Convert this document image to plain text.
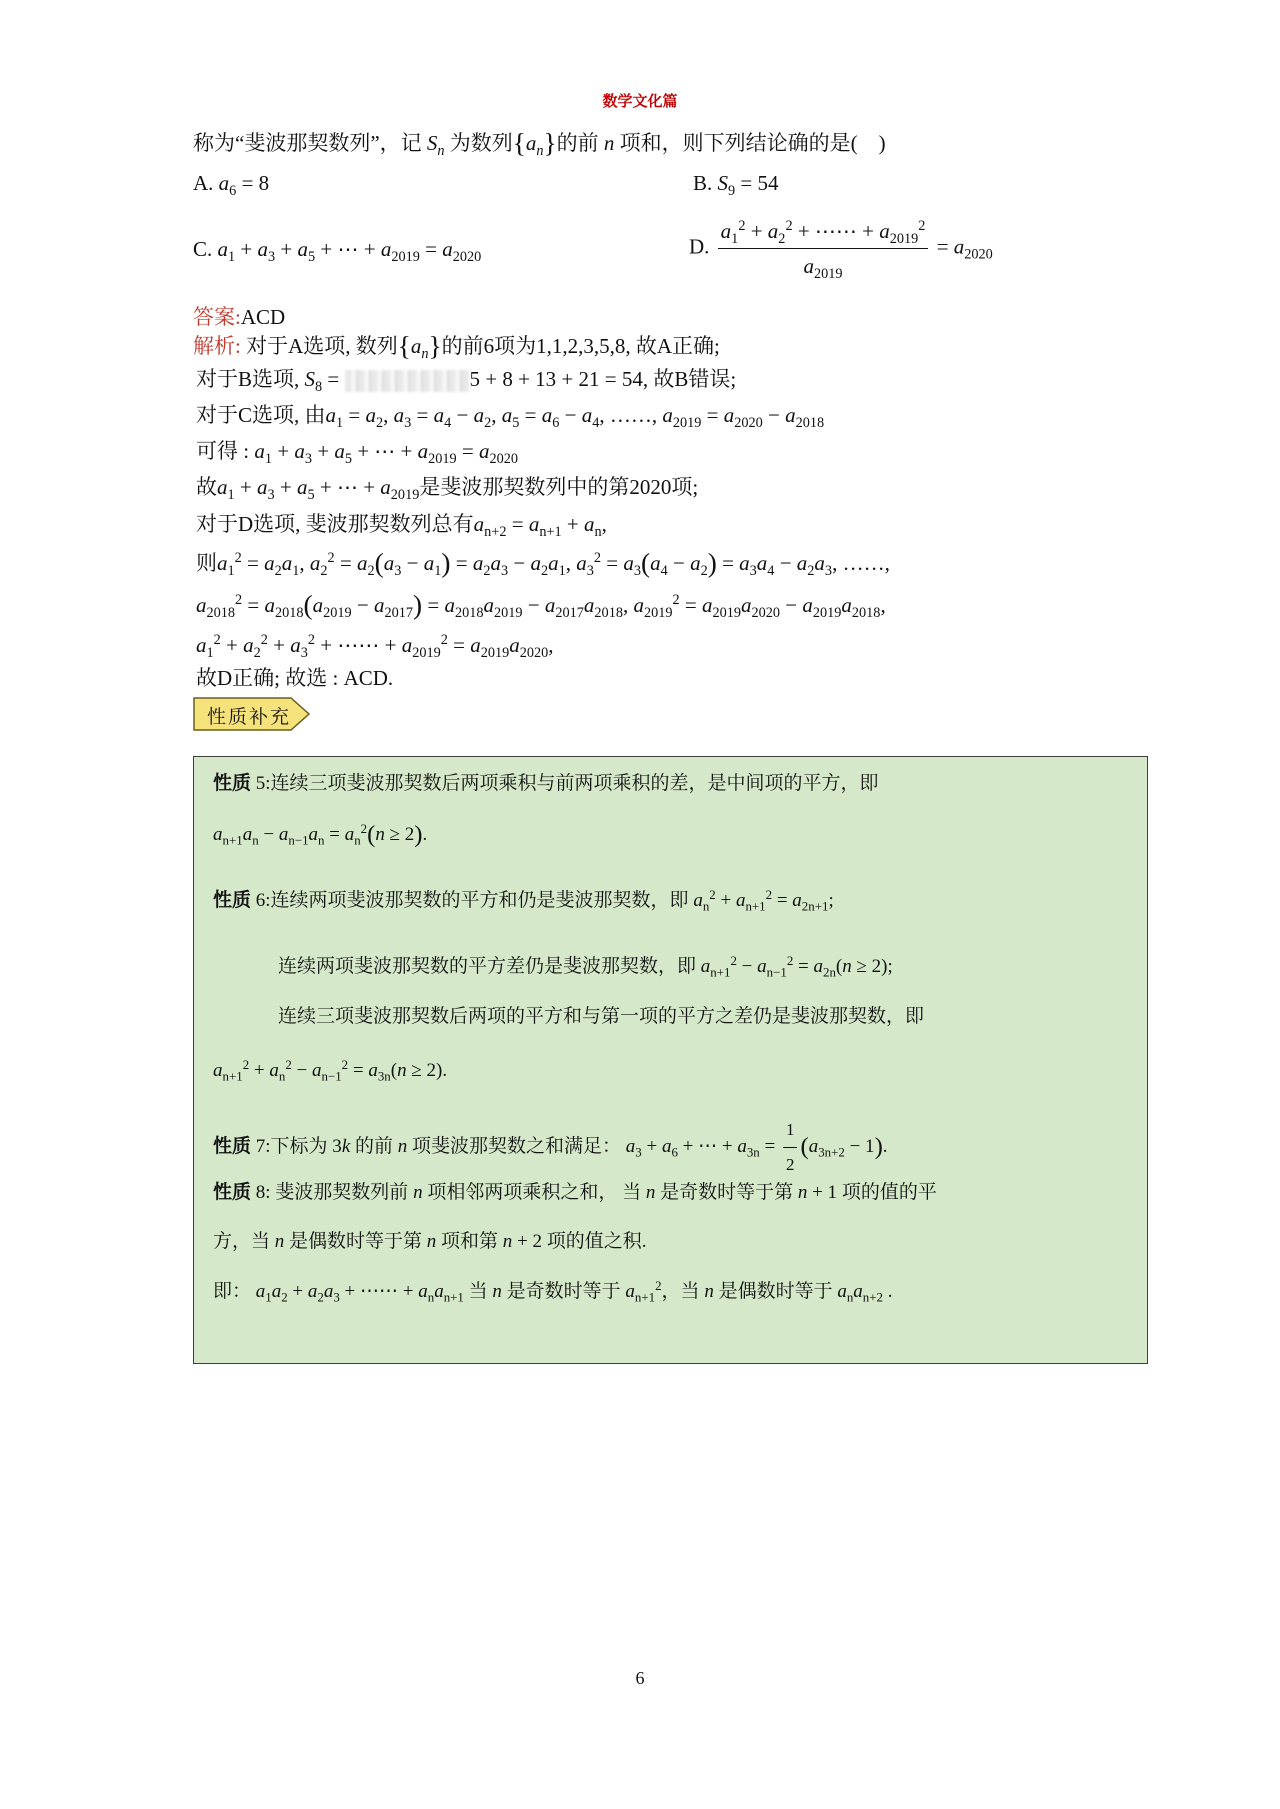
数学文化篇
称为“斐波那契数列”，记 $S_n$ 为数列$\{a_n\}$的前 n 项和，则下列结论确的是(　)
A. $a_6 = 8$	B. $S_9 = 54$
C. $a_1 + a_3 + a_5$ + ⋯ + $a_{2019} = a_{2020}$	D. $\frac{a_1^2 + a_2^2 + \cdots\cdots + a_{2019}^2}{a_{2019}} = a_{2020}$
答案:ACD
解析: 对于A选项, 数列$\{a_n\}$的前6项为1,1,2,3,5,8, 故A正确;
对于B选项, $S_8$ =	5 + 8 + 13 + 21 = 54, 故B错误;
对于C选项, 由$a_1 = a_2$, $a_3 = a_4 - a_2$, $a_5 = a_6 - a_4$, ……, $a_{2019} = a_{2020} - a_{2018}$
可得 : $a_1 + a_3 + a_5$ + ⋯ + $a_{2019} = a_{2020}$
故$a_1 + a_3 + a_5$ + ⋯ + $a_{2019}$是斐波那契数列中的第2020项;
对于D选项, 斐波那契数列总有$a_{n+2} = a_{n+1} + a_n$,
则$a_1^2 = a_2a_1$, $a_2^2 = a_2(a_3 - a_1) = a_2a_3 - a_2a_1$, $a_3^2 = a_3(a_4 - a_2) = a_3a_4 - a_2a_3$, ……,
$a_{2018}^2 = a_{2018}(a_{2019} - a_{2017}) = a_{2018}a_{2019} - a_{2017}a_{2018}$, $a_{2019}^2 = a_{2019}a_{2020} - a_{2019}a_{2018}$,
$a_1^2 + a_2^2 + a_3^2$ + ⋯⋯ + $a_{2019}^2 = a_{2019}a_{2020}$,
故D正确; 故选 : ACD.
性质补充
性质 5:连续三项斐波那契数后两项乘积与前两项乘积的差，是中间项的平方，即
$a_{n+1}a_n - a_{n-1}a_n = a_n^2(n \ge 2)$.
性质 6:连续两项斐波那契数的平方和仍是斐波那契数，即 $a_n^2 + a_{n+1}^2 = a_{2n+1}$;
连续两项斐波那契数的平方差仍是斐波那契数，即 $a_{n+1}^2 - a_{n-1}^2 = a_{2n}(n \ge 2)$;
连续三项斐波那契数后两项的平方和与第一项的平方之差仍是斐波那契数，即
$a_{n+1}^2 + a_n^2 - a_{n-1}^2 = a_{3n}(n \ge 2)$.
性质 7:下标为 3k 的前 n 项斐波那契数之和满足： $a_3 + a_6$ + ⋯ + $a_{3n} = \frac{1}{2} (a_{3n+2} - 1)$.
性质 8: 斐波那契数列前 n 项相邻两项乘积之和， 当 n 是奇数时等于第 n + 1 项的值的平
方，当 n 是偶数时等于第 n 项和第 n + 2 项的值之积.
即： $a_1a_2 + a_2a_3$ + ⋯⋯ + $a_na_{n+1}$ 当 n 是奇数时等于 $a_{n+1}^2$，当 n 是偶数时等于 $a_na_{n+2}$ .
6
